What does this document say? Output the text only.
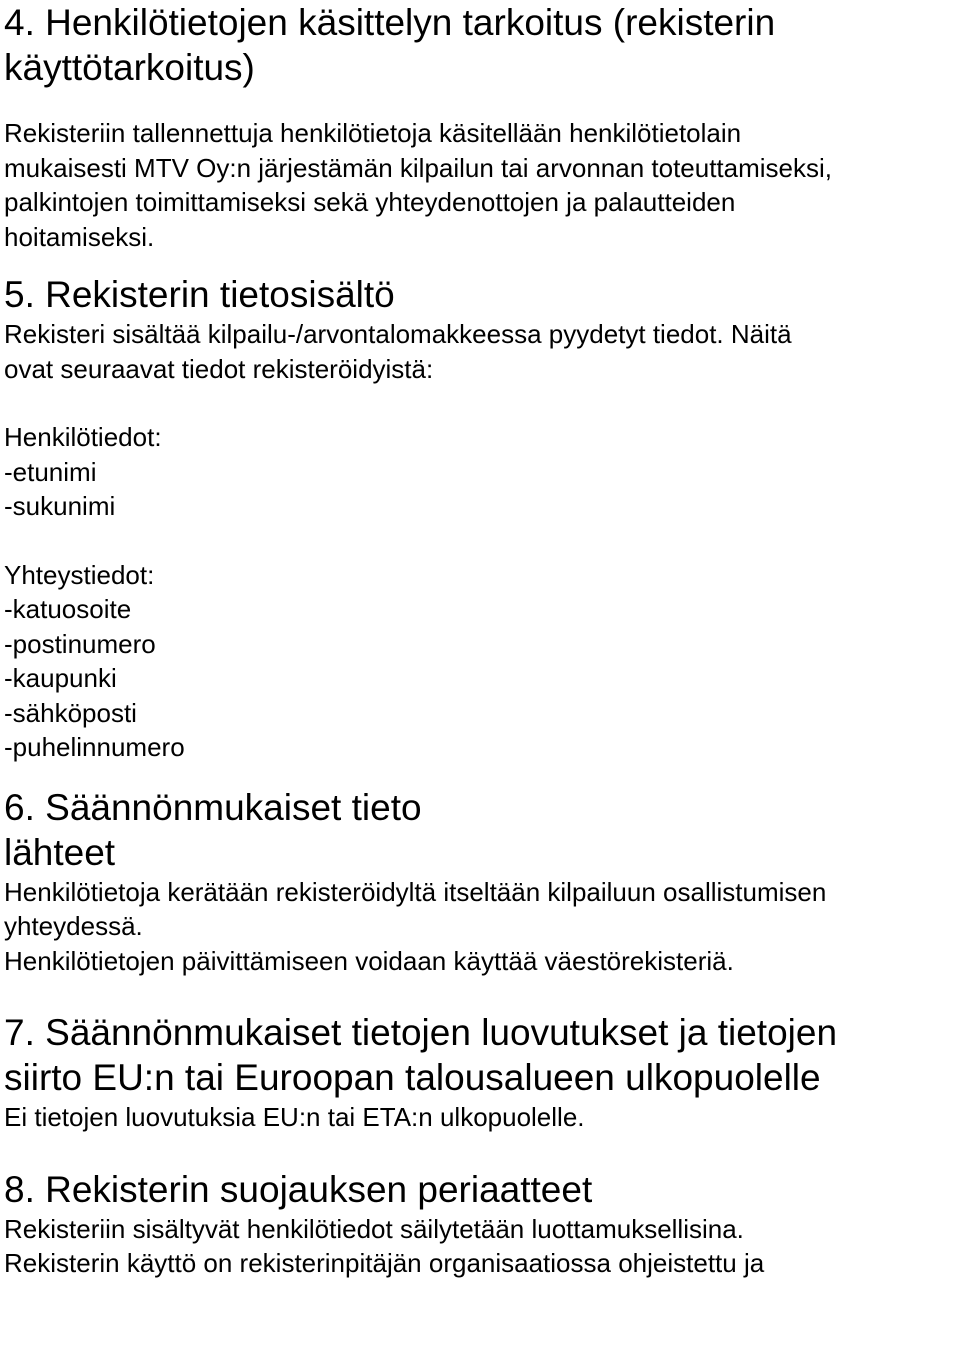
4. Henkilötietojen käsittelyn tarkoitus (rekisterin
käyttötarkoitus)

Rekisteriin tallennettuja henkilötietoja käsitellään henkilötietolain
mukaisesti MTV Oy:n järjestämän kilpailun tai arvonnan toteuttamiseksi,
palkintojen toimittamiseksi sekä yhteydenottojen ja palautteiden
hoitamiseksi.

5. Rekisterin tietosisältö

Rekisteri sisältää kilpailu-/arvontalomakkeessa pyydetyt tiedot. Näitä
ovat seuraavat tiedot rekisteröidyistä:

Henkilötiedot:
-etunimi
-sukunimi

Yhteystiedot:
-katuosoite
-postinumero
-kaupunki
-sähköposti
-puhelinnumero

6. Säännönmukaiset tieto
lähteet

Henkilötietoja kerätään rekisteröidyltä itseltään kilpailuun osallistumisen
yhteydessä.
Henkilötietojen päivittämiseen voidaan käyttää väestörekisteriä.

7. Säännönmukaiset tietojen luovutukset ja tietojen
siirto EU:n tai Euroopan talousalueen ulkopuolelle

Ei tietojen luovutuksia EU:n tai ETA:n ulkopuolelle.

8. Rekisterin suojauksen periaatteet

Rekisteriin sisältyvät henkilötiedot säilytetään luottamuksellisina.
Rekisterin käyttö on rekisterinpitäjän organisaatiossa ohjeistettu ja
